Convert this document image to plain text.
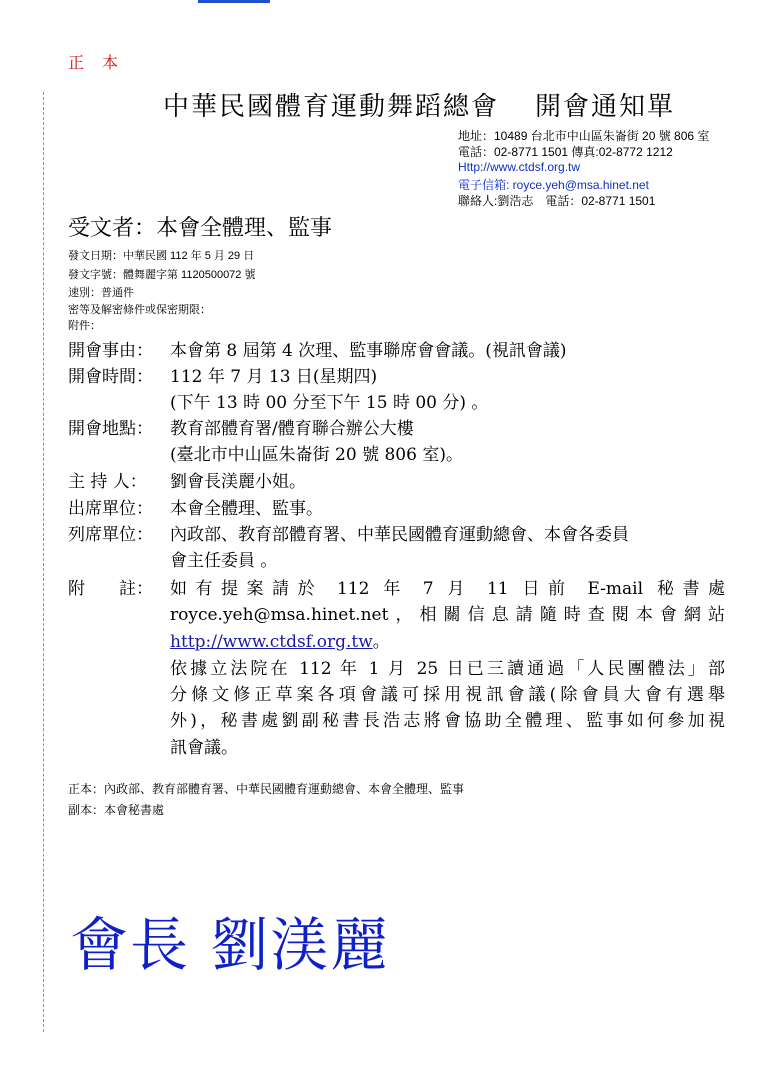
正本
中華民國體育運動舞蹈總會 開會通知單
地址：10489 台北市中山區朱崙街 20 號 806 室
電話：02-8771 1501 傳真:02-8772 1212
Http://www.ctdsf.org.tw
電子信箱: royce.yeh@msa.hinet.net
聯絡人:劉浩志　電話：02-8771 1501
受文者：本會全體理、監事
發文日期：中華民國 112 年 5 月 29 日
發文字號：體舞麗字第 1120500072 號
速別：普通件
密等及解密條件或保密期限：
附件：
開會事由： 本會第 8 屆第 4 次理、監事聯席會會議。(視訊會議)
開會時間： 112 年 7 月 13 日(星期四)
(下午 13 時 00 分至下午 15 時 00 分) 。
開會地點： 教育部體育署/體育聯合辦公大樓
(臺北市中山區朱崙街 20 號 806 室)。
主 持 人： 劉會長渼麗小姐。
出席單位： 本會全體理、監事。
列席單位： 內政部、教育部體育署、中華民國體育運動總會、本會各委員
會主任委員 。
附　　註： 如有提案請於 112 年 7 月 11 日前 E-mail 秘書處
royce.yeh@msa.hinet.net，相關信息請隨時查閱本會網站
http://www.ctdsf.org.tw。
依據立法院在 112 年 1 月 25 日已三讀通過「人民團體法」部
分條文修正草案各項會議可採用視訊會議(除會員大會有選舉
外)，秘書處劉副秘書長浩志將會協助全體理、監事如何參加視
訊會議。
正本：內政部、教育部體育署、中華民國體育運動總會、本會全體理、監事
副本：本會秘書處
會長 劉渼麗
